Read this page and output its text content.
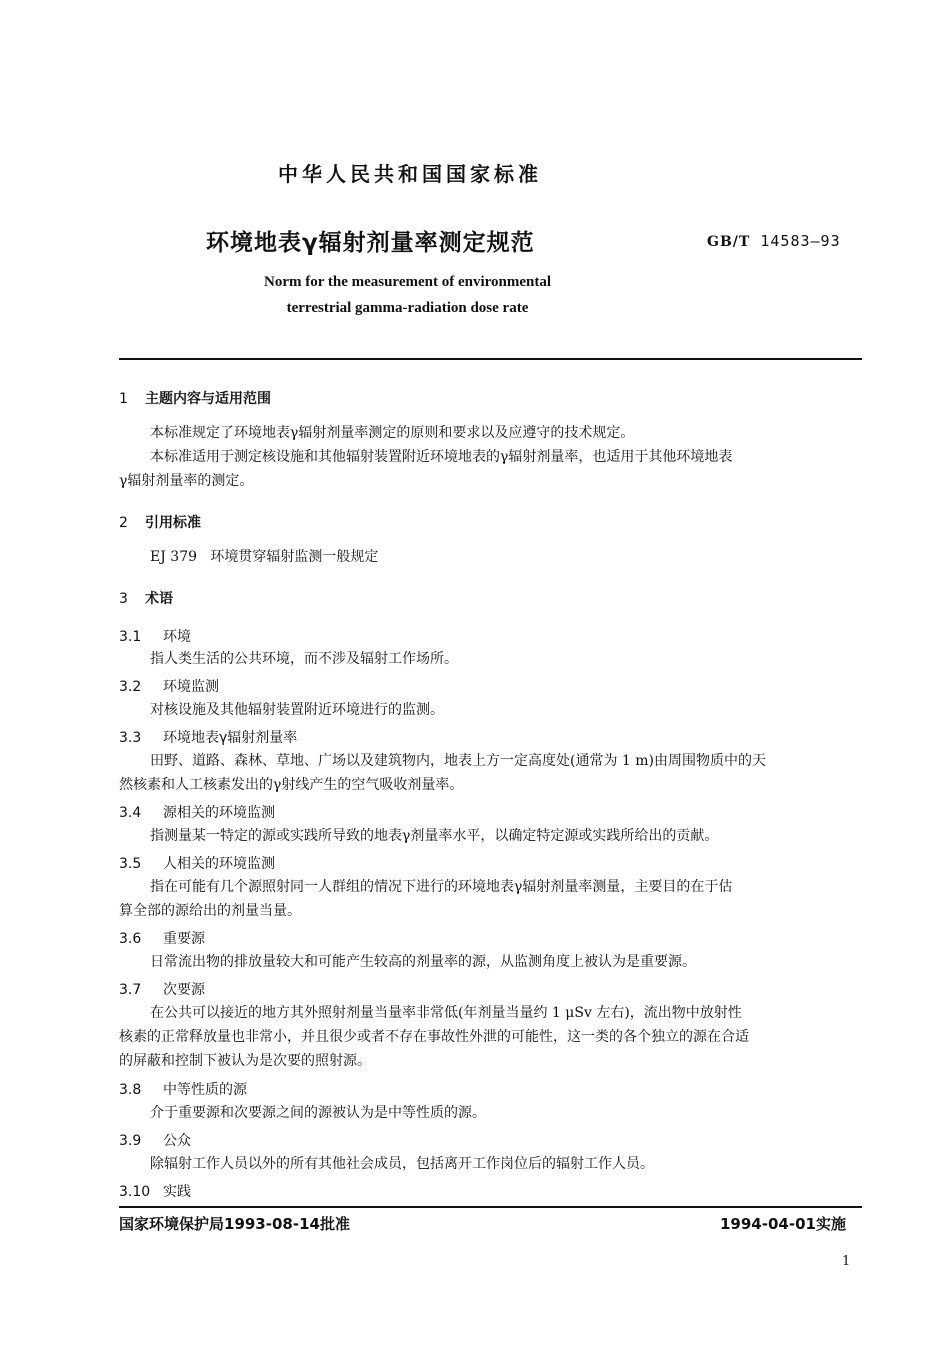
中华人民共和国国家标准
环境地表γ辐射剂量率测定规范	GB/T 14583—93
Norm for the measurement of environmental
terrestrial gamma-radiation dose rate
1 主题内容与适用范围
本标准规定了环境地表γ辐射剂量率测定的原则和要求以及应遵守的技术规定。
本标准适用于测定核设施和其他辐射装置附近环境地表的γ辐射剂量率，也适用于其他环境地表
γ辐射剂量率的测定。
2 引用标准
EJ 379 环境贯穿辐射监测一般规定
3 术语
3.1 环境
指人类生活的公共环境，而不涉及辐射工作场所。
3.2 环境监测
对核设施及其他辐射装置附近环境进行的监测。
3.3 环境地表γ辐射剂量率
田野、道路、森林、草地、广场以及建筑物内，地表上方一定高度处(通常为 1 m)由周围物质中的天
然核素和人工核素发出的γ射线产生的空气吸收剂量率。
3.4 源相关的环境监测
指测量某一特定的源或实践所导致的地表γ剂量率水平，以确定特定源或实践所给出的贡献。
3.5 人相关的环境监测
指在可能有几个源照射同一人群组的情况下进行的环境地表γ辐射剂量率测量，主要目的在于估
算全部的源给出的剂量当量。
3.6 重要源
日常流出物的排放量较大和可能产生较高的剂量率的源，从监测角度上被认为是重要源。
3.7 次要源
在公共可以接近的地方其外照射剂量当量率非常低(年剂量当量约 1 μSv 左右)，流出物中放射性
核素的正常释放量也非常小，并且很少或者不存在事故性外泄的可能性，这一类的各个独立的源在合适
的屏蔽和控制下被认为是次要的照射源。
3.8 中等性质的源
介于重要源和次要源之间的源被认为是中等性质的源。
3.9 公众
除辐射工作人员以外的所有其他社会成员，包括离开工作岗位后的辐射工作人员。
3.10 实践
国家环境保护局1993-08-14批准	1994-04-01实施
1
